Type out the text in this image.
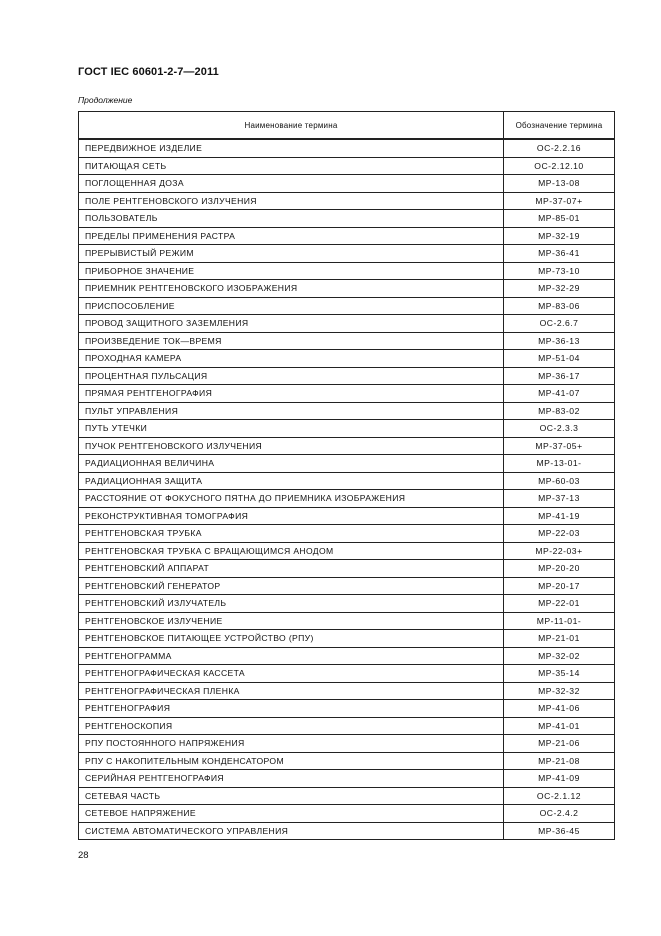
ГОСТ IEC 60601-2-7—2011
Продолжение
Наименование термина	Обозначение термина
ПЕРЕДВИЖНОЕ ИЗДЕЛИЕ	ОС-2.2.16
ПИТАЮЩАЯ СЕТЬ	ОС-2.12.10
ПОГЛОЩЕННАЯ ДОЗА	МР-13-08
ПОЛЕ РЕНТГЕНОВСКОГО ИЗЛУЧЕНИЯ	МР-37-07+
ПОЛЬЗОВАТЕЛЬ	МР-85-01
ПРЕДЕЛЫ ПРИМЕНЕНИЯ РАСТРА	МР-32-19
ПРЕРЫВИСТЫЙ РЕЖИМ	МР-36-41
ПРИБОРНОЕ ЗНАЧЕНИЕ	МР-73-10
ПРИЕМНИК РЕНТГЕНОВСКОГО ИЗОБРАЖЕНИЯ	МР-32-29
ПРИСПОСОБЛЕНИЕ	МР-83-06
ПРОВОД ЗАЩИТНОГО ЗАЗЕМЛЕНИЯ	ОС-2.6.7
ПРОИЗВЕДЕНИЕ ТОК—ВРЕМЯ	МР-36-13
ПРОХОДНАЯ КАМЕРА	МР-51-04
ПРОЦЕНТНАЯ ПУЛЬСАЦИЯ	МР-36-17
ПРЯМАЯ РЕНТГЕНОГРАФИЯ	МР-41-07
ПУЛЬТ УПРАВЛЕНИЯ	МР-83-02
ПУТЬ УТЕЧКИ	ОС-2.3.3
ПУЧОК РЕНТГЕНОВСКОГО ИЗЛУЧЕНИЯ	МР-37-05+
РАДИАЦИОННАЯ ВЕЛИЧИНА	МР-13-01-
РАДИАЦИОННАЯ ЗАЩИТА	МР-60-03
РАССТОЯНИЕ ОТ ФОКУСНОГО ПЯТНА ДО ПРИЕМНИКА ИЗОБРАЖЕНИЯ	МР-37-13
РЕКОНСТРУКТИВНАЯ ТОМОГРАФИЯ	МР-41-19
РЕНТГЕНОВСКАЯ ТРУБКА	МР-22-03
РЕНТГЕНОВСКАЯ ТРУБКА С ВРАЩАЮЩИМСЯ АНОДОМ	МР-22-03+
РЕНТГЕНОВСКИЙ АППАРАТ	МР-20-20
РЕНТГЕНОВСКИЙ ГЕНЕРАТОР	МР-20-17
РЕНТГЕНОВСКИЙ ИЗЛУЧАТЕЛЬ	МР-22-01
РЕНТГЕНОВСКОЕ ИЗЛУЧЕНИЕ	МР-11-01-
РЕНТГЕНОВСКОЕ ПИТАЮЩЕЕ УСТРОЙСТВО (РПУ)	МР-21-01
РЕНТГЕНОГРАММА	МР-32-02
РЕНТГЕНОГРАФИЧЕСКАЯ КАССЕТА	МР-35-14
РЕНТГЕНОГРАФИЧЕСКАЯ ПЛЕНКА	МР-32-32
РЕНТГЕНОГРАФИЯ	МР-41-06
РЕНТГЕНОСКОПИЯ	МР-41-01
РПУ ПОСТОЯННОГО НАПРЯЖЕНИЯ	МР-21-06
РПУ С НАКОПИТЕЛЬНЫМ КОНДЕНСАТОРОМ	МР-21-08
СЕРИЙНАЯ РЕНТГЕНОГРАФИЯ	МР-41-09
СЕТЕВАЯ ЧАСТЬ	ОС-2.1.12
СЕТЕВОЕ НАПРЯЖЕНИЕ	ОС-2.4.2
СИСТЕМА АВТОМАТИЧЕСКОГО УПРАВЛЕНИЯ	МР-36-45
28
